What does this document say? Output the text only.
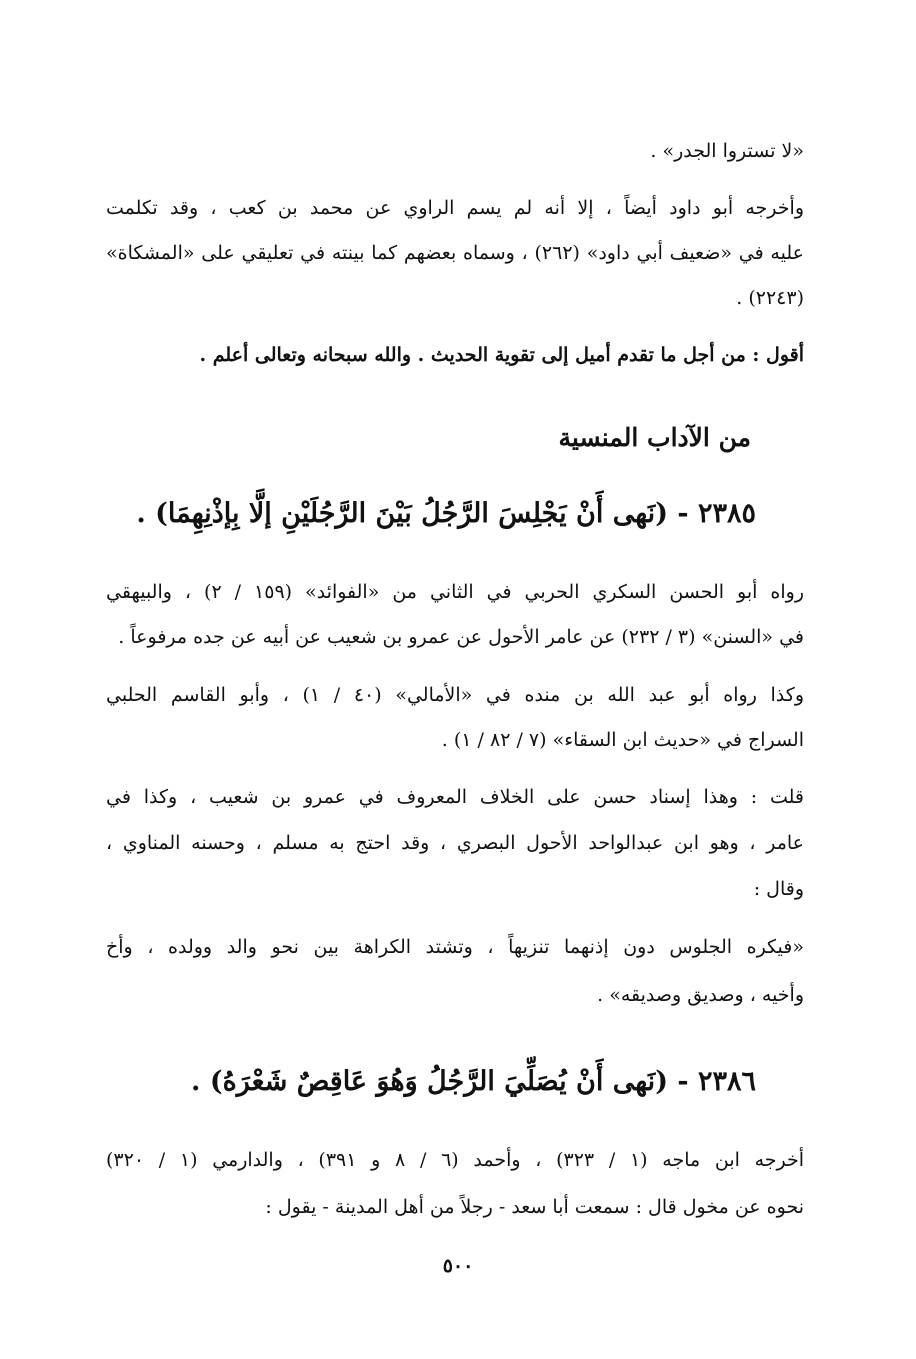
«لا تستروا الجدر» .
وأخرجه أبو داود أيضاً ، إلا أنه لم يسم الراوي عن محمد بن كعب ، وقد تكلمت
عليه في «ضعيف أبي داود» (٢٦٢) ، وسماه بعضهم كما بينته في تعليقي على «المشكاة»
(٢٢٤٣) .
أقول : من أجل ما تقدم أميل إلى تقوية الحديث . والله سبحانه وتعالى أعلم .
من الآداب المنسية
٢٣٨٥ - (نَهى أَنْ يَجْلِسَ الرَّجُلُ بَيْنَ الرَّجُلَيْنِ إلَّا بِإذْنِهِمَا) .
رواه أبو الحسن السكري الحربي في الثاني من «الفوائد» (١٥٩ / ٢) ، والبيهقي
في «السنن» (٣ / ٢٣٢) عن عامر الأحول عن عمرو بن شعيب عن أبيه عن جده مرفوعاً .
وكذا رواه أبو عبد الله بن منده في «الأمالي» (٤٠ / ١) ، وأبو القاسم الحلبي
السراج في «حديث ابن السقاء» (٧ / ٨٢ / ١) .
قلت : وهذا إسناد حسن على الخلاف المعروف في عمرو بن شعيب ، وكذا في
عامر ، وهو ابن عبدالواحد الأحول البصري ، وقد احتج به مسلم ، وحسنه المناوي ،
وقال :
«فيكره الجلوس دون إذنهما تنزيهاً ، وتشتد الكراهة بين نحو والد وولده ، وأخ
وأخيه ، وصديق وصديقه» .
٢٣٨٦ - (نَهى أَنْ يُصَلِّيَ الرَّجُلُ وَهُوَ عَاقِصٌ شَعْرَهُ) .
أخرجه ابن ماجه (١ / ٣٢٣) ، وأحمد (٦ / ٨ و ٣٩١) ، والدارمي (١ / ٣٢٠)
نحوه عن مخول قال : سمعت أبا سعد - رجلاً من أهل المدينة - يقول :
٥٠٠
